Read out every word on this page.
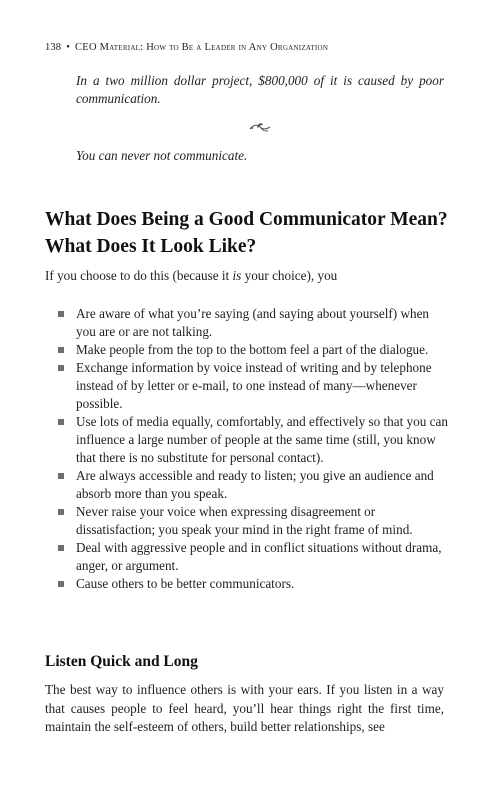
138 • CEO Material: How to Be a Leader in Any Organization
In a two million dollar project, $800,000 of it is caused by poor communication.
You can never not communicate.
What Does Being a Good Communicator Mean?
What Does It Look Like?
If you choose to do this (because it is your choice), you
Are aware of what you’re saying (and saying about yourself) when you are or are not talking.
Make people from the top to the bottom feel a part of the dialogue.
Exchange information by voice instead of writing and by telephone instead of by letter or e-mail, to one instead of many—whenever possible.
Use lots of media equally, comfortably, and effectively so that you can influence a large number of people at the same time (still, you know that there is no substitute for personal contact).
Are always accessible and ready to listen; you give an audience and absorb more than you speak.
Never raise your voice when expressing disagreement or dissatisfaction; you speak your mind in the right frame of mind.
Deal with aggressive people and in conflict situations without drama, anger, or argument.
Cause others to be better communicators.
Listen Quick and Long
The best way to influence others is with your ears. If you listen in a way that causes people to feel heard, you’ll hear things right the first time, maintain the self-esteem of others, build better relationships, see
